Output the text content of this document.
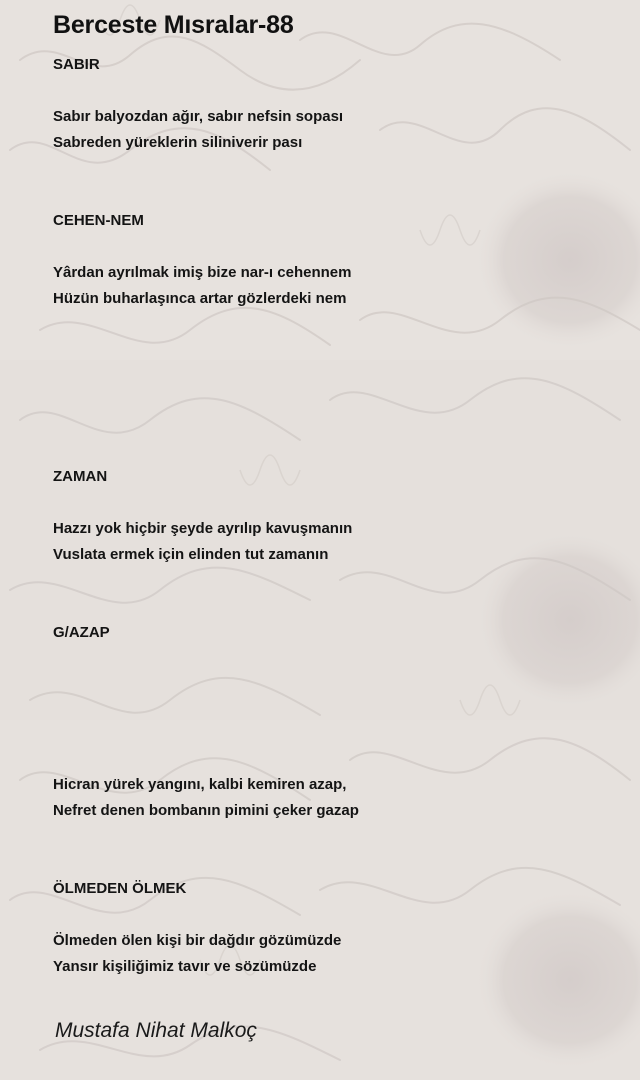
Berceste Mısralar-88

SABIR

Sabır balyozdan ağır, sabır nefsin sopası

Sabreden yüreklerin siliniverir pası

CEHEN-NEM

Yârdan ayrılmak imiş bize nar-ı cehennem

Hüzün buharlaşınca artar gözlerdeki nem

ZAMAN

Hazzı yok hiçbir şeyde ayrılıp kavuşmanın

Vuslata ermek için elinden tut zamanın

G/AZAP

Hicran yürek yangını, kalbi kemiren azap,

Nefret denen bombanın pimini çeker gazap

ÖLMEDEN ÖLMEK

Ölmeden ölen kişi bir dağdır gözümüzde

Yansır kişiliğimiz tavır ve sözümüzde

Mustafa Nihat Malkoç
